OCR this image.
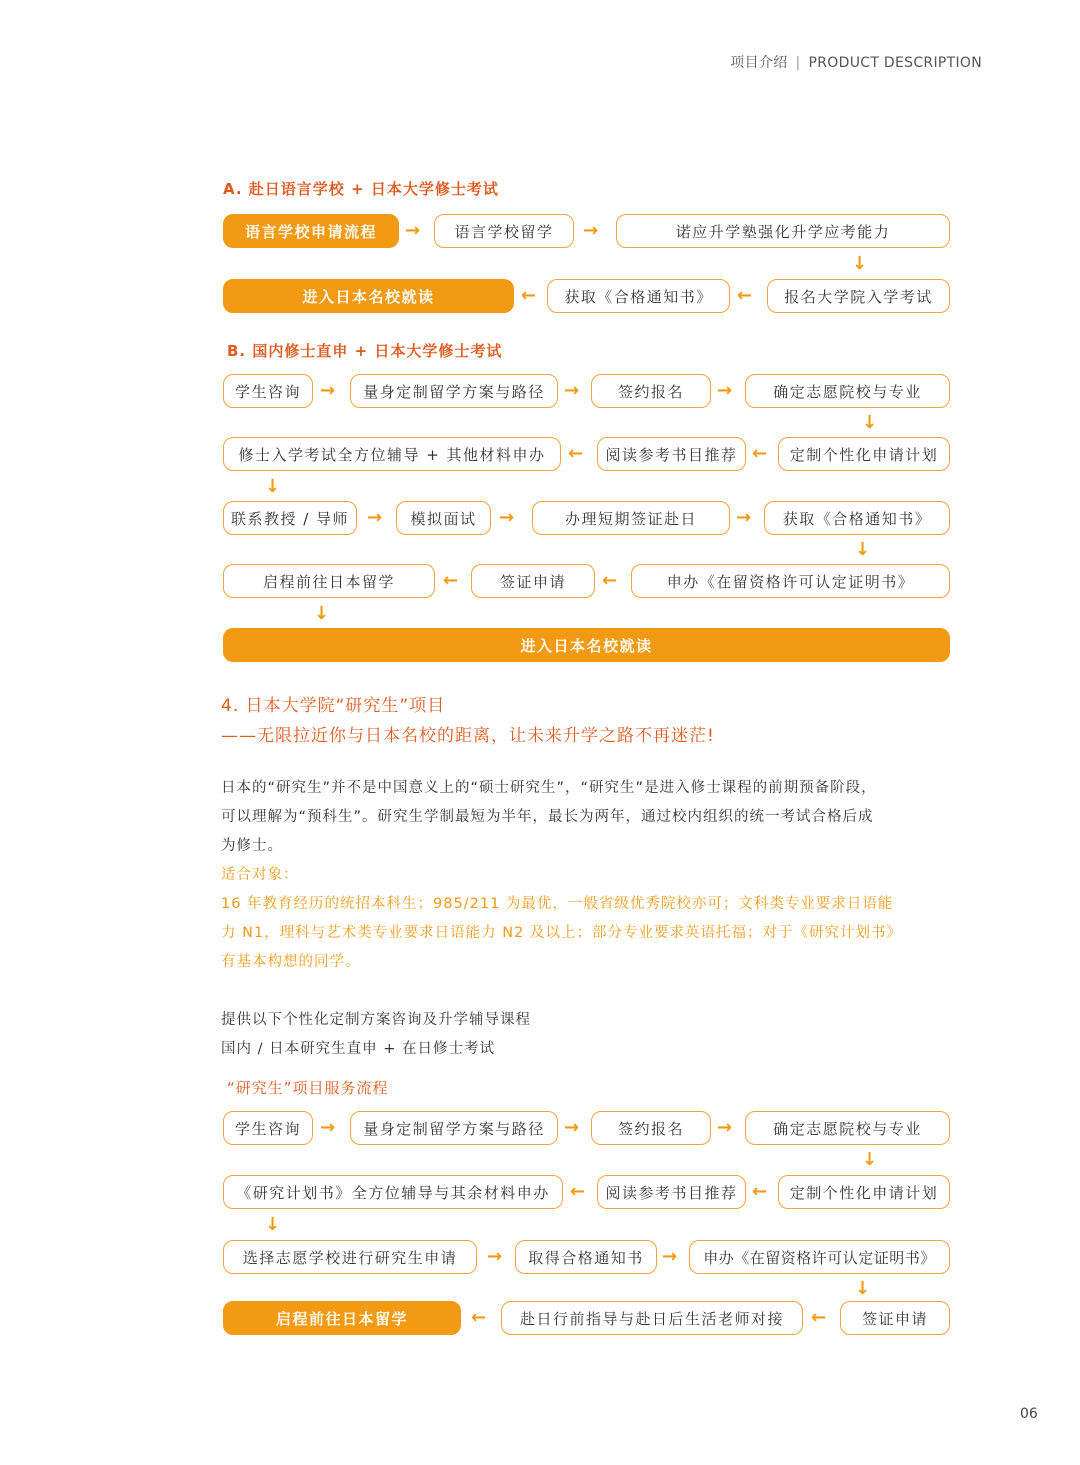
项目介绍 | PRODUCT DESCRIPTION
A. 赴日语言学校 + 日本大学修士考试
语言学校申请流程	→	语言学校留学	→	诺应升学塾强化升学应考能力
↓
报名大学院入学考试
←
获取《合格通知书》
←
进入日本名校就读
B. 国内修士直申 + 日本大学修士考试
学生咨询	→	量身定制留学方案与路径	→	签约报名	→	确定志愿院校与专业
↓
定制个性化申请计划
←
阅读参考书目推荐
←
修士入学考试全方位辅导 + 其他材料申办
↓
联系教授 / 导师 →	模拟面试	→	办理短期签证赴日	→	获取《合格通知书》
↓
申办《在留资格许可认定证明书》
←
签证申请
←
启程前往日本留学
↓
进入日本名校就读
4. 日本大学院“研究生”项目
——无限拉近你与日本名校的距离，让未来升学之路不再迷茫!
日本的“研究生”并不是中国意义上的“硕士研究生”，“研究生”是进入修士课程的前期预备阶段，
可以理解为“预科生”。研究生学制最短为半年，最长为两年，通过校内组织的统一考试合格后成
为修士。
适合对象：
16 年教育经历的统招本科生；985/211 为最优，一般省级优秀院校亦可；文科类专业要求日语能
力 N1，理科与艺术类专业要求日语能力 N2 及以上；部分专业要求英语托福；对于《研究计划书》
有基本构想的同学。
提供以下个性化定制方案咨询及升学辅导课程
国内 / 日本研究生直申 + 在日修士考试
“研究生”项目服务流程
学生咨询	→	量身定制留学方案与路径	→	签约报名	→	确定志愿院校与专业
↓
定制个性化申请计划
←
阅读参考书目推荐
←
《研究计划书》全方位辅导与其余材料申办
↓
选择志愿学校进行研究生申请	→	取得合格通知书	→	申办《在留资格许可认定证明书》
↓
签证申请
←
赴日行前指导与赴日后生活老师对接
←
启程前往日本留学
06
